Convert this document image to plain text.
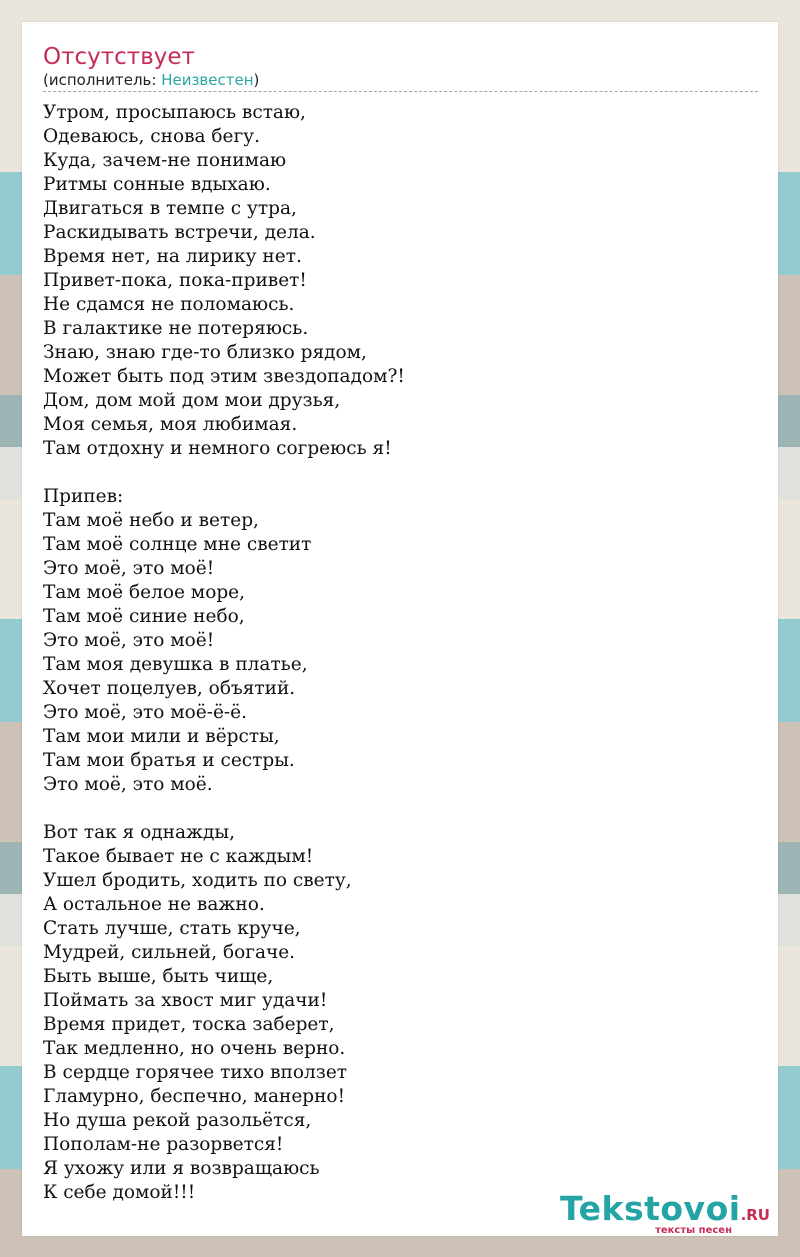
Отсутствует
(исполнитель: Неизвестен)
Утром, просыпаюсь встаю,
Одеваюсь, снова бегу.
Куда, зачем-не понимаю
Ритмы сонные вдыхаю.
Двигаться в темпе с утра,
Раскидывать встречи, дела.
Время нет, на лирику нет.
Привет-пока, пока-привет!
Не сдамся не поломаюсь.
В галактике не потеряюсь.
Знаю, знаю где-то близко рядом,
Может быть под этим звездопадом?!
Дом, дом мой дом мои друзья,
Моя семья, моя любимая.
Там отдохну и немного согреюсь я!
Припев:
Там моё небо и ветер,
Там моё солнце мне светит
Это моё, это моё!
Там моё белое море,
Там моё синие небо,
Это моё, это моё!
Там моя девушка в платье,
Хочет поцелуев, объятий.
Это моё, это моё-ё-ё.
Там мои мили и вёрсты,
Там мои братья и сестры.
Это моё, это моё.
Вот так я однажды,
Такое бывает не с каждым!
Ушел бродить, ходить по свету,
А остальное не важно.
Стать лучше, стать круче,
Мудрей, сильней, богаче.
Быть выше, быть чище,
Поймать за хвост миг удачи!
Время придет, тоска заберет,
Так медленно, но очень верно.
В сердце горячее тихо вползет
Гламурно, беспечно, манерно!
Но душа рекой разольётся,
Пополам-не разорвется!
Я ухожу или я возвращаюсь
К себе домой!!!	Tekstovoi.RU
тексты песен
